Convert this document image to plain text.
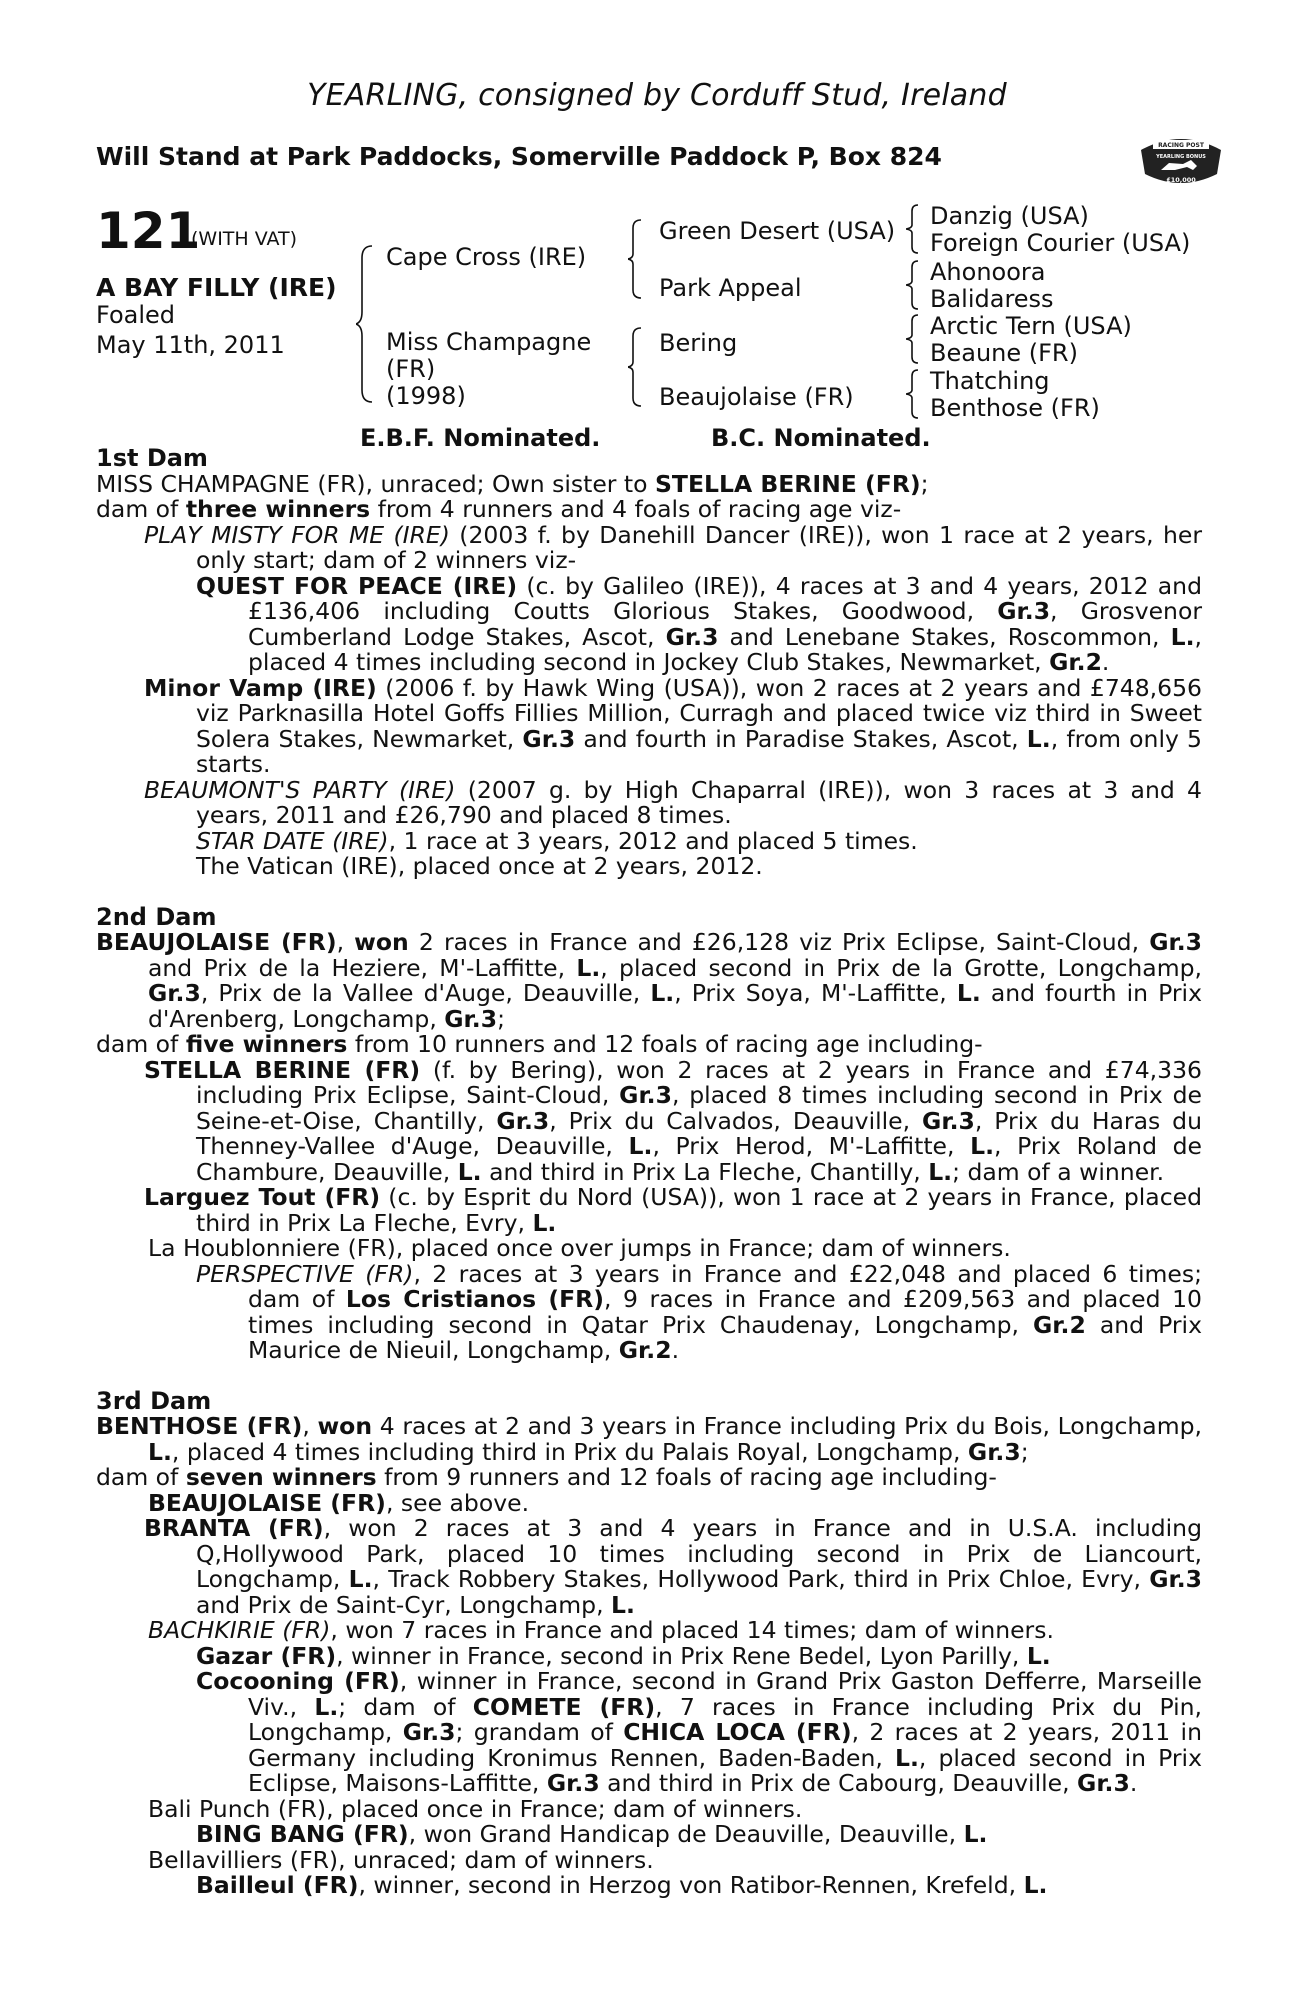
YEARLING, consigned by Corduff Stud, Ireland
Will Stand at Park Paddocks, Somerville Paddock P, Box 824	RACING POST
YEARLING BONUS
£10,000
121
(WITH VAT)
A BAY FILLY (IRE)
Foaled
May 11th, 2011
Cape Cross (IRE)
Miss Champagne
(FR)
(1998)
Green Desert (USA)
Park Appeal
Bering
Beaujolaise (FR)
Danzig (USA)
Foreign Courier (USA)
Ahonoora
Balidaress
Arctic Tern (USA)
Beaune (FR)
Thatching
Benthose (FR)
E.B.F. Nominated.	B.C. Nominated.
1st Dam

MISS CHAMPAGNE (FR), unraced; Own sister to STELLA BERINE (FR);

dam of three winners from 4 runners and 4 foals of racing age viz-

PLAY MISTY FOR ME (IRE) (2003 f. by Danehill Dancer (IRE)), won 1 race at 2 years, her only start; dam of 2 winners viz-

QUEST FOR PEACE (IRE) (c. by Galileo (IRE)), 4 races at 3 and 4 years, 2012 and £136,406 including Coutts Glorious Stakes, Goodwood, Gr.3, Grosvenor Cumberland Lodge Stakes, Ascot, Gr.3 and Lenebane Stakes, Roscommon, L., placed 4 times including second in Jockey Club Stakes, Newmarket, Gr.2.

Minor Vamp (IRE) (2006 f. by Hawk Wing (USA)), won 2 races at 2 years and £748,656 viz Parknasilla Hotel Goffs Fillies Million, Curragh and placed twice viz third in Sweet Solera Stakes, Newmarket, Gr.3 and fourth in Paradise Stakes, Ascot, L., from only 5 starts.

BEAUMONT'S PARTY (IRE) (2007 g. by High Chaparral (IRE)), won 3 races at 3 and 4 years, 2011 and £26,790 and placed 8 times.

STAR DATE (IRE), 1 race at 3 years, 2012 and placed 5 times.

The Vatican (IRE), placed once at 2 years, 2012.

2nd Dam

BEAUJOLAISE (FR), won 2 races in France and £26,128 viz Prix Eclipse, Saint-Cloud, Gr.3 and Prix de la Heziere, M'-Laffitte, L., placed second in Prix de la Grotte, Longchamp, Gr.3, Prix de la Vallee d'Auge, Deauville, L., Prix Soya, M'-Laffitte, L. and fourth in Prix d'Arenberg, Longchamp, Gr.3;

dam of five winners from 10 runners and 12 foals of racing age including-

STELLA BERINE (FR) (f. by Bering), won 2 races at 2 years in France and £74,336 including Prix Eclipse, Saint-Cloud, Gr.3, placed 8 times including second in Prix de Seine-et-Oise, Chantilly, Gr.3, Prix du Calvados, Deauville, Gr.3, Prix du Haras du Thenney-Vallee d'Auge, Deauville, L., Prix Herod, M'-Laffitte, L., Prix Roland de Chambure, Deauville, L. and third in Prix La Fleche, Chantilly, L.; dam of a winner.

Larguez Tout (FR) (c. by Esprit du Nord (USA)), won 1 race at 2 years in France, placed third in Prix La Fleche, Evry, L.

La Houblonniere (FR), placed once over jumps in France; dam of winners.

PERSPECTIVE (FR), 2 races at 3 years in France and £22,048 and placed 6 times; dam of Los Cristianos (FR), 9 races in France and £209,563 and placed 10 times including second in Qatar Prix Chaudenay, Longchamp, Gr.2 and Prix Maurice de Nieuil, Longchamp, Gr.2.

3rd Dam

BENTHOSE (FR), won 4 races at 2 and 3 years in France including Prix du Bois, Longchamp, L., placed 4 times including third in Prix du Palais Royal, Longchamp, Gr.3;

dam of seven winners from 9 runners and 12 foals of racing age including-

BEAUJOLAISE (FR), see above.

BRANTA (FR), won 2 races at 3 and 4 years in France and in U.S.A. including Q,Hollywood Park, placed 10 times including second in Prix de Liancourt, Longchamp, L., Track Robbery Stakes, Hollywood Park, third in Prix Chloe, Evry, Gr.3 and Prix de Saint-Cyr, Longchamp, L.

BACHKIRIE (FR), won 7 races in France and placed 14 times; dam of winners.

Gazar (FR), winner in France, second in Prix Rene Bedel, Lyon Parilly, L.

Cocooning (FR), winner in France, second in Grand Prix Gaston Defferre, Marseille Viv., L.; dam of COMETE (FR), 7 races in France including Prix du Pin, Longchamp, Gr.3; grandam of CHICA LOCA (FR), 2 races at 2 years, 2011 in Germany including Kronimus Rennen, Baden-Baden, L., placed second in Prix Eclipse, Maisons-Laffitte, Gr.3 and third in Prix de Cabourg, Deauville, Gr.3.

Bali Punch (FR), placed once in France; dam of winners.

BING BANG (FR), won Grand Handicap de Deauville, Deauville, L.

Bellavilliers (FR), unraced; dam of winners.

Bailleul (FR), winner, second in Herzog von Ratibor-Rennen, Krefeld, L.
